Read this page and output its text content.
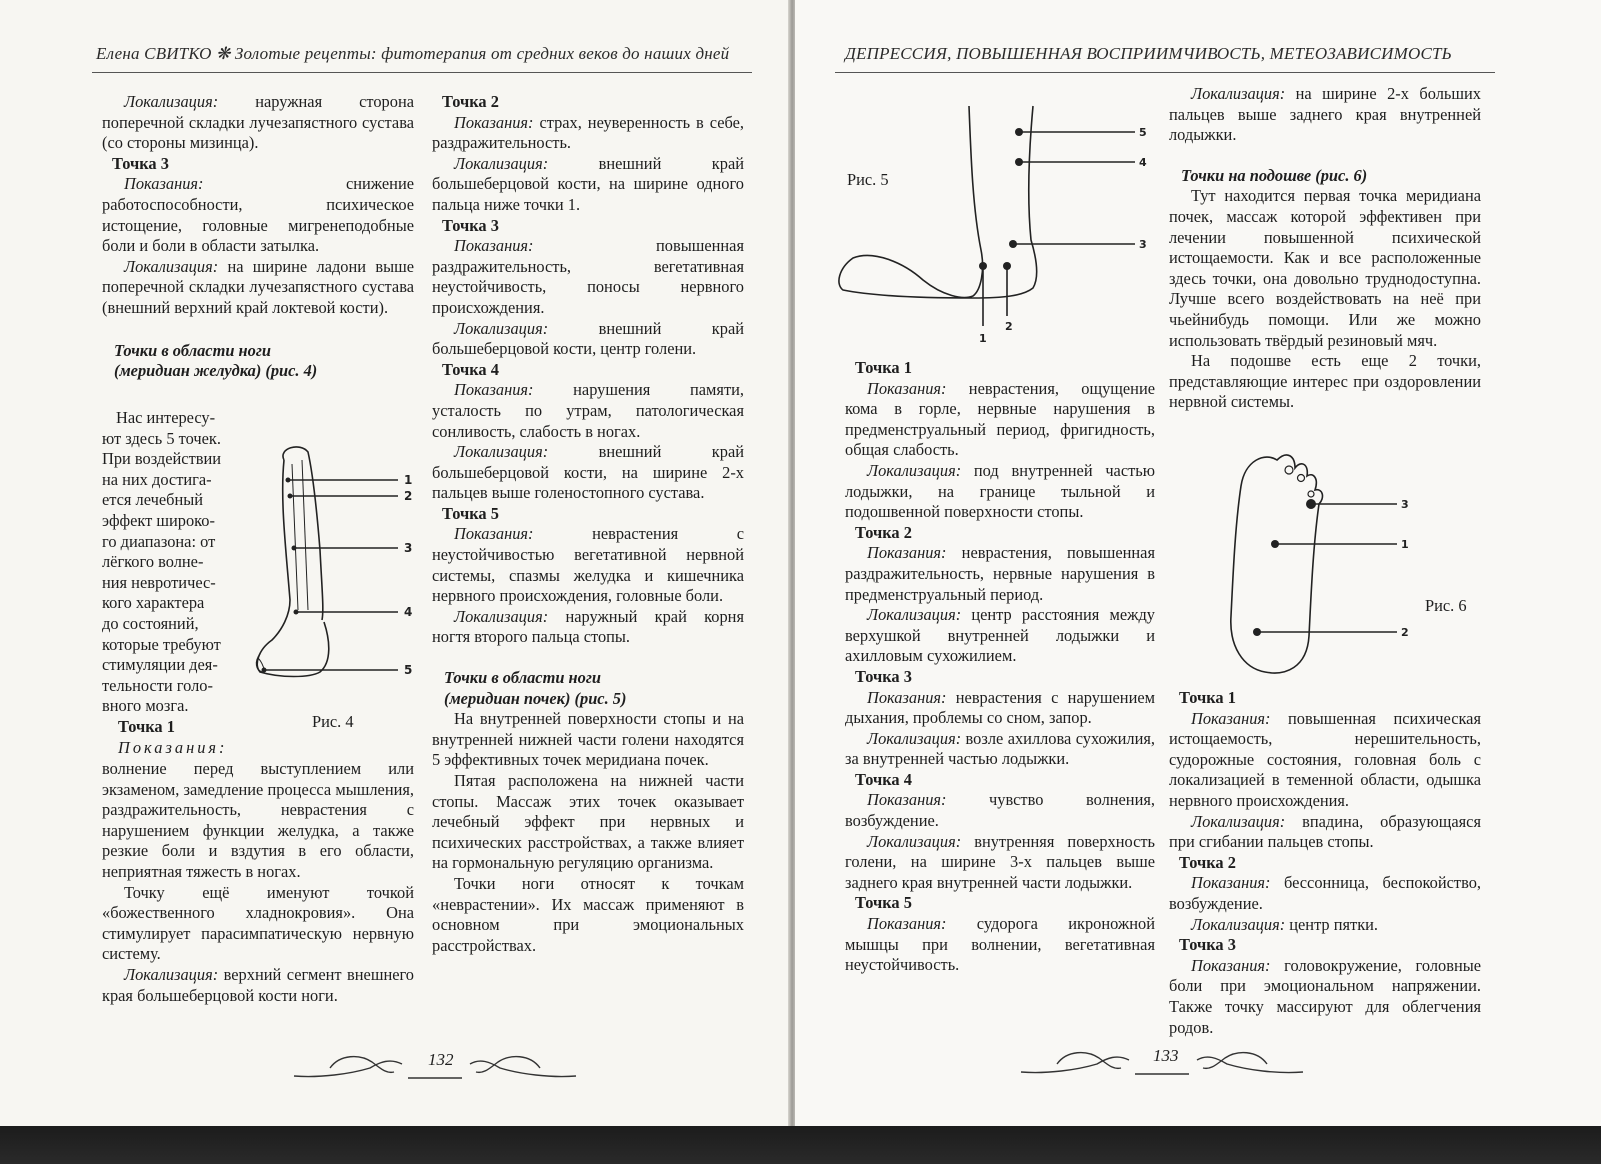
Елена СВИТКО ❋ Золотые рецепты: фитотерапия от средних веков до наших дней

Локализация: наружная сторона поперечной складки лучезапястного сустава (со стороны мизинца).

Точка 3

Показания: снижение работоспособности, психическое истощение, головные мигренеподобные боли и боли в области затылка.

Локализация: на ширине ладони выше поперечной складки лучезапястного сустава (внешний верхний край локтевой кости).

Точки в области ноги
(меридиан желудка) (рис. 4)
Нас интересу-
ют здесь 5 точек.
При воздействии
на них достига-
ется лечебный
эффект широко-
го диапазона: от
лёгкого волне-
ния невротичес-
кого характера
до состояний,
которые требуют
стимуляции дея-
тельности голо-
вного мозга.
Точка 1
Показания:
1
2
3
4
5
Рис. 4

волнение перед выступлением или экзаменом, замедление процесса мышления, раздражительность, неврастения с нарушением функции желудка, а также резкие боли и вздутия в его области, неприятная тяжесть в ногах.

Точку ещё именуют точкой «божественного хладнокровия». Она стимулирует парасимпатическую нервную систему.

Локализация: верхний сегмент внешнего края большеберцовой кости ноги.

Точка 2

Показания: страх, неуверенность в себе, раздражительность.

Локализация: внешний край большеберцовой кости, на ширине одного пальца ниже точки 1.

Точка 3

Показания: повышенная раздражительность, вегетативная неустойчивость, поносы нервного происхождения.

Локализация: внешний край большеберцовой кости, центр голени.

Точка 4

Показания: нарушения памяти, усталость по утрам, патологическая сонливость, слабость в ногах.

Локализация: внешний край большеберцовой кости, на ширине 2-х пальцев выше голеностопного сустава.

Точка 5

Показания: неврастения с неустойчивостью вегетативной нервной системы, спазмы желудка и кишечника нервного происхождения, головные боли.

Локализация: наружный край корня ногтя второго пальца стопы.

Точки в области ноги
(меридиан почек) (рис. 5)

На внутренней поверхности стопы и на внутренней нижней части голени находятся 5 эффективных точек меридиана почек.

Пятая расположена на нижней части стопы. Массаж этих точек оказывает лечебный эффект при нервных и психических расстройствах, а также влияет на гормональную регуляцию организма.

Точки ноги относят к точкам «неврастении». Их массаж применяют в основном при эмоциональных расстройствах.

132
ДЕПРЕССИЯ, ПОВЫШЕННАЯ ВОСПРИИМЧИВОСТЬ, МЕТЕОЗАВИСИМОСТЬ
Рис. 5
5
4
3
1
2
Точка 1

Показания: неврастения, ощущение кома в горле, нервные нарушения в предменструальный период, фригидность, общая слабость.

Локализация: под внутренней частью лодыжки, на границе тыльной и подошвенной поверхности стопы.

Точка 2

Показания: неврастения, повышенная раздражительность, нервные нарушения в предменструальный период.

Локализация: центр расстояния между верхушкой внутренней лодыжки и ахилловым сухожилием.

Точка 3

Показания: неврастения с нарушением дыхания, проблемы со сном, запор.

Локализация: возле ахиллова сухожилия, за внутренней частью лодыжки.

Точка 4

Показания: чувство волнения, возбуждение.

Локализация: внутренняя поверхность голени, на ширине 3-х пальцев выше заднего края внутренней части лодыжки.

Точка 5

Показания: судорога икроножной мышцы при волнении, вегетативная неустойчивость.

Локализация: на ширине 2-х больших пальцев выше заднего края внутренней лодыжки.

Точки на подошве (рис. 6)

Тут находится первая точка меридиана почек, массаж которой эффективен при лечении повышенной психической истощаемости. Как и все расположенные здесь точки, она довольно труднодоступна. Лучше всего воздействовать на неё при чьейнибудь помощи. Или же можно использовать твёрдый резиновый мяч.

На подошве есть еще 2 точки, представляющие интерес при оздоровлении нервной системы.

3
1
2
Рис. 6
Точка 1

Показания: повышенная психическая истощаемость, нерешительность, судорожные состояния, головная боль с локализацией в теменной области, одышка нервного происхождения.

Локализация: впадина, образующаяся при сгибании пальцев стопы.

Точка 2

Показания: бессонница, беспокойство, возбуждение.

Локализация: центр пятки.

Точка 3

Показания: головокружение, головные боли при эмоциональном напряжении. Также точку массируют для облегчения родов.

133
